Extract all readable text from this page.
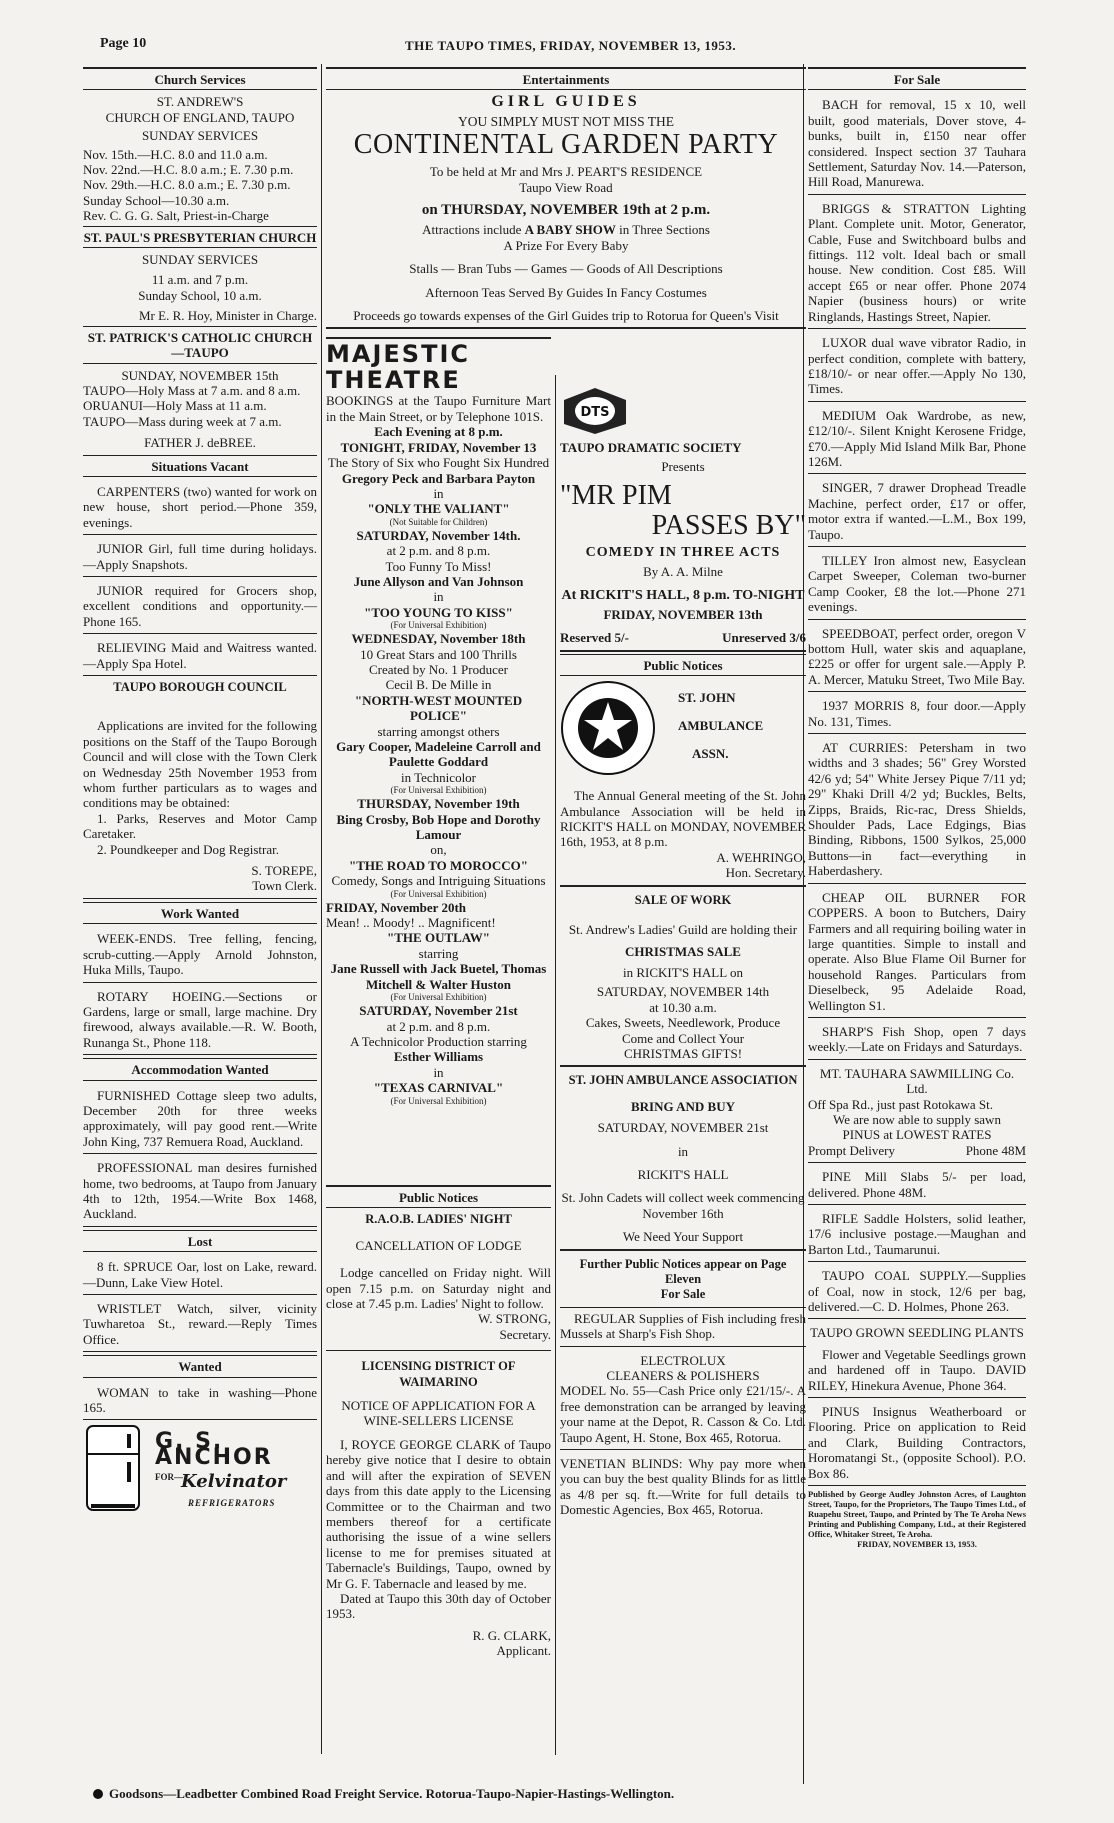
Page 10	THE TAUPO TIMES, FRIDAY, NOVEMBER 13, 1953.
Church Services
ST. ANDREW'S
CHURCH OF ENGLAND, TAUPO
SUNDAY SERVICES
Nov. 15th.—H.C. 8.0 and 11.0 a.m.
Nov. 22nd.—H.C. 8.0 a.m.; E. 7.30 p.m.
Nov. 29th.—H.C. 8.0 a.m.; E. 7.30 p.m.
Sunday School—10.30 a.m.
Rev. C. G. G. Salt, Priest-in-Charge
ST. PAUL'S PRESBYTERIAN CHURCH
SUNDAY SERVICES
11 a.m. and 7 p.m.
Sunday School, 10 a.m.
Mr E. R. Hoy, Minister in Charge.
ST. PATRICK'S CATHOLIC CHURCH—TAUPO
SUNDAY, NOVEMBER 15th
TAUPO—Holy Mass at 7 a.m. and 8 a.m.
ORUANUI—Holy Mass at 11 a.m.
TAUPO—Mass during week at 7 a.m.
FATHER J. deBREE.
Situations Vacant

CARPENTERS (two) wanted for work on new house, short period.—Phone 359, evenings.

JUNIOR Girl, full time during holidays.—Apply Snapshots.

JUNIOR required for Grocers shop, excellent conditions and opportunity.—Phone 165.

RELIEVING Maid and Waitress wanted.—Apply Spa Hotel.

TAUPO BOROUGH COUNCIL

Applications are invited for the following positions on the Staff of the Taupo Borough Council and will close with the Town Clerk on Wednesday 25th November 1953 from whom further particulars as to wages and conditions may be obtained:

1. Parks, Reserves and Motor Camp Caretaker.

2. Poundkeeper and Dog Registrar.

S. TOREPE,
Town Clerk.
Work Wanted

WEEK-ENDS. Tree felling, fencing, scrub-cutting.—Apply Arnold Johnston, Huka Mills, Taupo.

ROTARY HOEING.—Sections or Gardens, large or small, large machine. Dry firewood, always available.—R. W. Booth, Runanga St., Phone 118.

Accommodation Wanted

FURNISHED Cottage sleep two adults, December 20th for three weeks approximately, will pay good rent.—Write John King, 737 Remuera Road, Auckland.

PROFESSIONAL man desires furnished home, two bedrooms, at Taupo from January 4th to 12th, 1954.—Write Box 1468, Auckland.

Lost

8 ft. SPRUCE Oar, lost on Lake, reward.—Dunn, Lake View Hotel.

WRISTLET Watch, silver, vicinity Tuwharetoa St., reward.—Reply Times Office.

Wanted

WOMAN to take in washing—Phone 165.

G. S. ANCHOR
FOR—
Kelvinator
REFRIGERATORS
Entertainments
GIRL GUIDES
YOU SIMPLY MUST NOT MISS THE
CONTINENTAL GARDEN PARTY
To be held at Mr and Mrs J. PEART'S RESIDENCE
Taupo View Road
on THURSDAY, NOVEMBER 19th at 2 p.m.
Attractions include A BABY SHOW in Three Sections
A Prize For Every Baby
Stalls — Bran Tubs — Games — Goods of All Descriptions
Afternoon Teas Served By Guides In Fancy Costumes
Proceeds go towards expenses of the Girl Guides trip to Rotorua for Queen's Visit
MAJESTIC THEATRE

BOOKINGS at the Taupo Furniture Mart in the Main Street, or by Telephone 101S.

Each Evening at 8 p.m.
TONIGHT, FRIDAY, November 13
The Story of Six who Fought Six Hundred
Gregory Peck and Barbara Payton
in
"ONLY THE VALIANT"
(Not Suitable for Children)
SATURDAY, November 14th.
at 2 p.m. and 8 p.m.
Too Funny To Miss!
June Allyson and Van Johnson
in
"TOO YOUNG TO KISS"
(For Universal Exhibition)
WEDNESDAY, November 18th
10 Great Stars and 100 Thrills
Created by No. 1 Producer
Cecil B. De Mille in
"NORTH-WEST MOUNTED POLICE"
starring amongst others
Gary Cooper, Madeleine Carroll and Paulette Goddard
in Technicolor
(For Universal Exhibition)
THURSDAY, November 19th
Bing Crosby, Bob Hope and Dorothy Lamour
on,
"THE ROAD TO MOROCCO"
Comedy, Songs and Intriguing Situations
(For Universal Exhibition)
FRIDAY, November 20th
Mean! .. Moody! .. Magnificent!
"THE OUTLAW"
starring
Jane Russell with Jack Buetel, Thomas Mitchell & Walter Huston
(For Universal Exhibition)
SATURDAY, November 21st
at 2 p.m. and 8 p.m.
A Technicolor Production starring
Esther Williams
in
"TEXAS CARNIVAL"
(For Universal Exhibition)
Public Notices
R.A.O.B. LADIES' NIGHT
CANCELLATION OF LODGE

Lodge cancelled on Friday night. Will open 7.15 p.m. on Saturday night and close at 7.45 p.m. Ladies' Night to follow.

W. STRONG,
Secretary.
LICENSING DISTRICT OF WAIMARINO
NOTICE OF APPLICATION FOR A WINE-SELLERS LICENSE

I, ROYCE GEORGE CLARK of Taupo hereby give notice that I desire to obtain and will after the expiration of SEVEN days from this date apply to the Licensing Committee or to the Chairman and two members thereof for a certificate authorising the issue of a wine sellers license to me for premises situated at Tabernacle's Buildings, Taupo, owned by Mr G. F. Tabernacle and leased by me.

Dated at Taupo this 30th day of October 1953.

R. G. CLARK,
Applicant.
DTS
TAUPO DRAMATIC SOCIETY
Presents
"MR PIM
PASSES BY"
COMEDY IN THREE ACTS
By A. A. Milne
At RICKIT'S HALL, 8 p.m. TO-NIGHT
FRIDAY, NOVEMBER 13th
Reserved 5/-	Unreserved 3/6
Public Notices
ST. JOHN
AMBULANCE
ASSN.

The Annual General meeting of the St. John Ambulance Association will be held in RICKIT'S HALL on MONDAY, NOVEMBER 16th, 1953, at 8 p.m.

A. WEHRINGO,
Hon. Secretary.
SALE OF WORK
St. Andrew's Ladies' Guild are holding their
CHRISTMAS SALE
in RICKIT'S HALL on
SATURDAY, NOVEMBER 14th
at 10.30 a.m.
Cakes, Sweets, Needlework, Produce
Come and Collect Your
CHRISTMAS GIFTS!
ST. JOHN AMBULANCE ASSOCIATION
BRING AND BUY
SATURDAY, NOVEMBER 21st
in
RICKIT'S HALL
St. John Cadets will collect week commencing November 16th
We Need Your Support
Further Public Notices appear on Page Eleven
For Sale

REGULAR Supplies of Fish including fresh Mussels at Sharp's Fish Shop.

ELECTROLUX
CLEANERS & POLISHERS

MODEL No. 55—Cash Price only £21/15/-. A free demonstration can be arranged by leaving your name at the Depot, R. Casson & Co. Ltd. Taupo Agent, H. Stone, Box 465, Rotorua.

VENETIAN BLINDS: Why pay more when you can buy the best quality Blinds for as little as 4/8 per sq. ft.—Write for full details to Domestic Agencies, Box 465, Rotorua.

For Sale

BACH for removal, 15 x 10, well built, good materials, Dover stove, 4-bunks, built in, £150 near offer considered. Inspect section 37 Tauhara Settlement, Saturday Nov. 14.—Paterson, Hill Road, Manurewa.

BRIGGS & STRATTON Lighting Plant. Complete unit. Motor, Generator, Cable, Fuse and Switchboard bulbs and fittings. 112 volt. Ideal bach or small house. New condition. Cost £85. Will accept £65 or near offer. Phone 2074 Napier (business hours) or write Ringlands, Hastings Street, Napier.

LUXOR dual wave vibrator Radio, in perfect condition, complete with battery, £18/10/- or near offer.—Apply No 130, Times.

MEDIUM Oak Wardrobe, as new, £12/10/-. Silent Knight Kerosene Fridge, £70.—Apply Mid Island Milk Bar, Phone 126M.

SINGER, 7 drawer Drophead Treadle Machine, perfect order, £17 or offer, motor extra if wanted.—L.M., Box 199, Taupo.

TILLEY Iron almost new, Easyclean Carpet Sweeper, Coleman two-burner Camp Cooker, £8 the lot.—Phone 271 evenings.

SPEEDBOAT, perfect order, oregon V bottom Hull, water skis and aquaplane, £225 or offer for urgent sale.—Apply P. A. Mercer, Matuku Street, Two Mile Bay.

1937 MORRIS 8, four door.—Apply No. 131, Times.

AT CURRIES: Petersham in two widths and 3 shades; 56" Grey Worsted 42/6 yd; 54" White Jersey Pique 7/11 yd; 29" Khaki Drill 4/2 yd; Buckles, Belts, Zipps, Braids, Ric-rac, Dress Shields, Shoulder Pads, Lace Edgings, Bias Binding, Ribbons, 1500 Sylkos, 25,000 Buttons—in fact—everything in Haberdashery.

CHEAP OIL BURNER FOR COPPERS. A boon to Butchers, Dairy Farmers and all requiring boiling water in large quantities. Simple to install and operate. Also Blue Flame Oil Burner for household Ranges. Particulars from Dieselbeck, 95 Adelaide Road, Wellington S1.

SHARP'S Fish Shop, open 7 days weekly.—Late on Fridays and Saturdays.

MT. TAUHARA SAWMILLING Co. Ltd.
Off Spa Rd., just past Rotokawa St.
We are now able to supply sawn
PINUS at LOWEST RATES
Prompt Delivery	Phone 48M

PINE Mill Slabs 5/- per load, delivered. Phone 48M.

RIFLE Saddle Holsters, solid leather, 17/6 inclusive postage.—Maughan and Barton Ltd., Taumarunui.

TAUPO COAL SUPPLY.—Supplies of Coal, now in stock, 12/6 per bag, delivered.—C. D. Holmes, Phone 263.

TAUPO GROWN SEEDLING PLANTS

Flower and Vegetable Seedlings grown and hardened off in Taupo. DAVID RILEY, Hinekura Avenue, Phone 364.

PINUS Insignus Weatherboard or Flooring. Price on application to Reid and Clark, Building Contractors, Horomatangi St., (opposite School). P.O. Box 86.

Published by George Audley Johnston Acres, of Laughton Street, Taupo, for the Proprietors, The Taupo Times Ltd., of Ruapehu Street, Taupo, and Printed by The Te Aroha News Printing and Publishing Company, Ltd., at their Registered Office, Whitaker Street, Te Aroha.
FRIDAY, NOVEMBER 13, 1953.
Goodsons—Leadbetter Combined Road Freight Service. Rotorua-Taupo-Napier-Hastings-Wellington.
